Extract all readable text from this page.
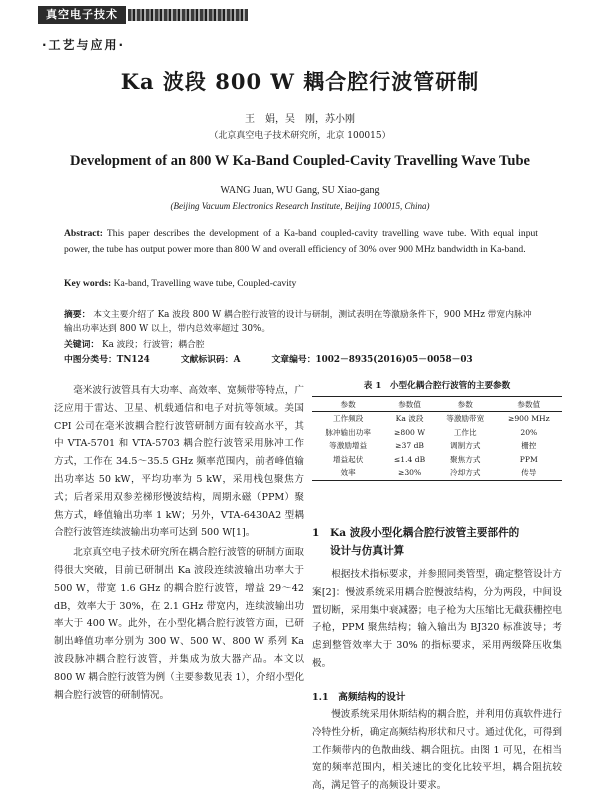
真空电子技术
·工艺与应用·
Ka 波段 800 W 耦合腔行波管研制
王　娟，吴　刚，苏小刚
（北京真空电子技术研究所，北京 100015）
Development of an 800 W Ka-Band Coupled-Cavity Travelling Wave Tube
WANG Juan, WU Gang, SU Xiao-gang
(Beijing Vacuum Electronics Research Institute, Beijing 100015, China)
Abstract: This paper describes the development of a Ka-band coupled-cavity travelling wave tube. With equal input power, the tube has output power more than 800 W and overall efficiency of 30% over 900 MHz bandwidth in Ka-band.
Key words: Ka-band, Travelling wave tube, Coupled-cavity
摘要： 本文主要介绍了 Ka 波段 800 W 耦合腔行波管的设计与研制，测试表明在等激励条件下，900 MHz 带宽内脉冲输出功率达到 800 W 以上，带内总效率超过 30%。
关键词： Ka 波段；行波管；耦合腔
中图分类号：TN124	文献标识码：A	文章编号：1002－8935(2016)05－0058－03

毫米波行波管具有大功率、高效率、宽频带等特点，广泛应用于雷达、卫星、机载通信和电子对抗等领域。美国 CPI 公司在毫米波耦合腔行波管研制方面有较高水平，其中 VTA-5701 和 VTA-5703 耦合腔行波管采用脉冲工作方式，工作在 34.5～35.5 GHz 频率范围内，前者峰值输出功率达 50 kW，平均功率为 5 kW，采用栈包聚焦方式；后者采用双参差梯形慢波结构，周期永磁（PPM）聚焦方式，峰值输出功率 1 kW；另外，VTA-6430A2 型耦合腔行波管连续波输出功率可达到 500 W[1]。

北京真空电子技术研究所在耦合腔行波管的研制方面取得很大突破，目前已研制出 Ka 波段连续波输出功率大于 500 W，带宽 1.6 GHz 的耦合腔行波管，增益 29～42 dB，效率大于 30%，在 2.1 GHz 带宽内，连续波输出功率大于 400 W。此外，在小型化耦合腔行波管方面，已研制出峰值功率分别为 300 W、500 W、800 W 系列 Ka 波段脉冲耦合腔行波管，并集成为放大器产品。本文以 800 W 耦合腔行波管为例（主要参数见表 1），介绍小型化耦合腔行波管的研制情况。

表 1　小型化耦合腔行波管的主要参数
参数	参数值	参数	参数值
工作频段	Ka 波段	等激励带宽	≥900 MHz
脉冲输出功率	≥800 W	工作比	20%
等激励增益	≥37 dB	调制方式	栅控
增益起伏	≤1.4 dB	聚焦方式	PPM
效率	≥30%	冷却方式	传导
1 Ka 波段小型化耦合腔行波管主要部件的
设计与仿真计算

根据技术指标要求，并参照同类管型，确定整管设计方案[2]：慢波系统采用耦合腔慢波结构，分为两段，中间设置切断，采用集中衰减器；电子枪为大压缩比无截获栅控电子枪，PPM 聚焦结构；输入输出为 BJ320 标准波导；考虑到整管效率大于 30% 的指标要求，采用两级降压收集极。

1.1　高频结构的设计

慢波系统采用休斯结构的耦合腔，并利用仿真软件进行冷特性分析，确定高频结构形状和尺寸。通过优化，可得到工作频带内的色散曲线、耦合阻抗。由图 1 可见，在相当宽的频率范围内，相关速比的变化比较平坦，耦合阻抗较高，满足管子的高频设计要求。
